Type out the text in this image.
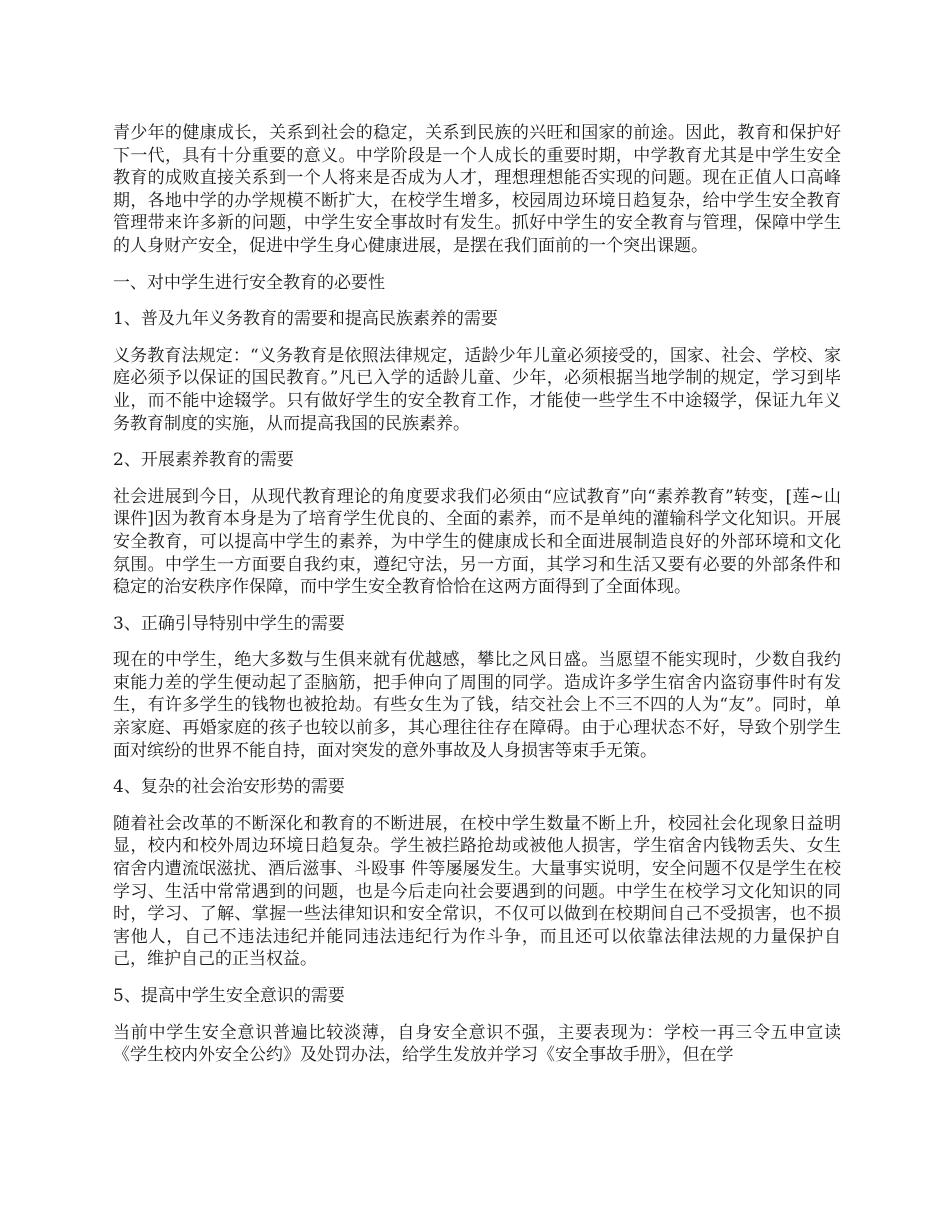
青少年的健康成长，关系到社会的稳定，关系到民族的兴旺和国家的前途。因此，教育和保护好下一代，具有十分重要的意义。中学阶段是一个人成长的重要时期，中学教育尤其是中学生安全教育的成败直接关系到一个人将来是否成为人才，理想理想能否实现的问题。现在正值人口高峰期，各地中学的办学规模不断扩大，在校学生增多，校园周边环境日趋复杂，给中学生安全教育管理带来许多新的问题，中学生安全事故时有发生。抓好中学生的安全教育与管理，保障中学生的人身财产安全，促进中学生身心健康进展，是摆在我们面前的一个突出课题。

一、对中学生进行安全教育的必要性

1、普及九年义务教育的需要和提高民族素养的需要

义务教育法规定：“义务教育是依照法律规定，适龄少年儿童必须接受的，国家、社会、学校、家庭必须予以保证的国民教育。”凡已入学的适龄儿童、少年，必须根据当地学制的规定，学习到毕业，而不能中途辍学。只有做好学生的安全教育工作，才能使一些学生不中途辍学，保证九年义务教育制度的实施，从而提高我国的民族素养。

2、开展素养教育的需要

社会进展到今日，从现代教育理论的角度要求我们必须由“应试教育”向“素养教育”转变，[莲~山 课件]因为教育本身是为了培育学生优良的、全面的素养，而不是单纯的灌输科学文化知识。开展安全教育，可以提高中学生的素养，为中学生的健康成长和全面进展制造良好的外部环境和文化氛围。中学生一方面要自我约束，遵纪守法，另一方面，其学习和生活又要有必要的外部条件和稳定的治安秩序作保障，而中学生安全教育恰恰在这两方面得到了全面体现。

3、正确引导特别中学生的需要

现在的中学生，绝大多数与生俱来就有优越感，攀比之风日盛。当愿望不能实现时，少数自我约束能力差的学生便动起了歪脑筋，把手伸向了周围的同学。造成许多学生宿舍内盗窃事件时有发生，有许多学生的钱物也被抢劫。有些女生为了钱，结交社会上不三不四的人为“友”。同时，单亲家庭、再婚家庭的孩子也较以前多，其心理往往存在障碍。由于心理状态不好，导致个别学生面对缤纷的世界不能自持，面对突发的意外事故及人身损害等束手无策。

4、复杂的社会治安形势的需要

随着社会改革的不断深化和教育的不断进展，在校中学生数量不断上升，校园社会化现象日益明显，校内和校外周边环境日趋复杂。学生被拦路抢劫或被他人损害，学生宿舍内钱物丢失、女生宿舍内遭流氓滋扰、酒后滋事、斗殴事 件等屡屡发生。大量事实说明，安全问题不仅是学生在校学习、生活中常常遇到的问题，也是今后走向社会要遇到的问题。中学生在校学习文化知识的同时，学习、了解、掌握一些法律知识和安全常识，不仅可以做到在校期间自己不受损害，也不损害他人，自己不违法违纪并能同违法违纪行为作斗争，而且还可以依靠法律法规的力量保护自己，维护自己的正当权益。

5、提高中学生安全意识的需要

当前中学生安全意识普遍比较淡薄，自身安全意识不强，主要表现为：学校一再三令五申宣读《学生校内外安全公约》及处罚办法，给学生发放并学习《安全事故手册》，但在学
